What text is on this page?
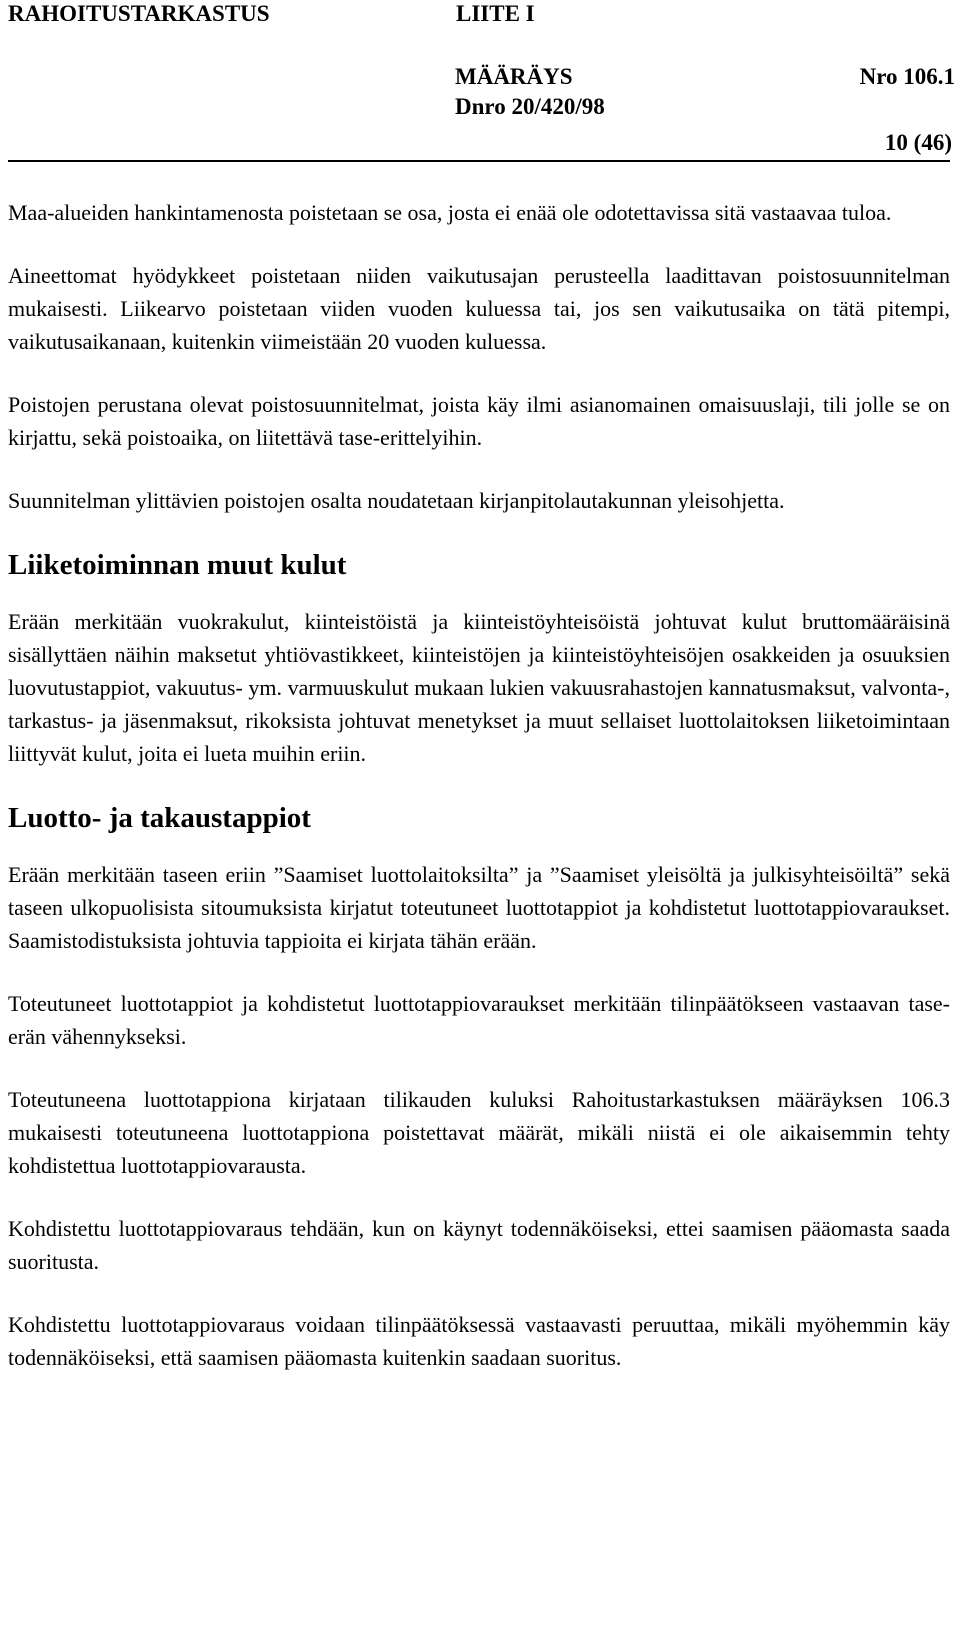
RAHOITUSTARKASTUS	LIITE I
MÄÄRÄYS	Nro 106.1
Dnro 20/420/98
10 (46)

Maa-alueiden hankintamenosta poistetaan se osa, josta ei enää ole odotettavissa sitä vastaavaa tuloa.

Aineettomat hyödykkeet poistetaan niiden vaikutusajan perusteella laadittavan poistosuunnitelman mukaisesti. Liikearvo poistetaan viiden vuoden kuluessa tai, jos sen vaikutusaika on tätä pitempi, vaikutusaikanaan, kuitenkin viimeistään 20 vuoden kuluessa.

Poistojen perustana olevat poistosuunnitelmat, joista käy ilmi asianomainen omaisuuslaji, tili jolle se on kirjattu, sekä poistoaika, on liitettävä tase-erittelyihin.

Suunnitelman ylittävien poistojen osalta noudatetaan kirjanpitolautakunnan yleisohjetta.

Liiketoiminnan muut kulut

Erään merkitään vuokrakulut, kiinteistöistä ja kiinteistöyhteisöistä johtuvat kulut bruttomääräisinä sisällyttäen näihin maksetut yhtiövastikkeet, kiinteistöjen ja kiinteistöyhteisöjen osakkeiden ja osuuksien luovutustappiot, vakuutus- ym. varmuuskulut mukaan lukien vakuusrahastojen kannatusmaksut, valvonta-, tarkastus- ja jäsenmaksut, rikoksista johtuvat menetykset ja muut sellaiset luottolaitoksen liiketoimintaan liittyvät kulut, joita ei lueta muihin eriin.

Luotto- ja takaustappiot

Erään merkitään taseen eriin ”Saamiset luottolaitoksilta” ja ”Saamiset yleisöltä ja julkisyhteisöiltä” sekä taseen ulkopuolisista sitoumuksista kirjatut toteutuneet luottotappiot ja kohdistetut luottotappiovaraukset. Saamistodistuksista johtuvia tappioita ei kirjata tähän erään.

Toteutuneet luottotappiot ja kohdistetut luottotappiovaraukset merkitään tilinpäätökseen vastaavan tase-erän vähennykseksi.

Toteutuneena luottotappiona kirjataan tilikauden kuluksi Rahoitustarkastuksen määräyksen 106.3 mukaisesti toteutuneena luottotappiona poistettavat määrät, mikäli niistä ei ole aikaisemmin tehty kohdistettua luottotappiovarausta.

Kohdistettu luottotappiovaraus tehdään, kun on käynyt todennäköiseksi, ettei saamisen pääomasta saada suoritusta.

Kohdistettu luottotappiovaraus voidaan tilinpäätöksessä vastaavasti peruuttaa, mikäli myöhemmin käy todennäköiseksi, että saamisen pääomasta kuitenkin saadaan suoritus.
